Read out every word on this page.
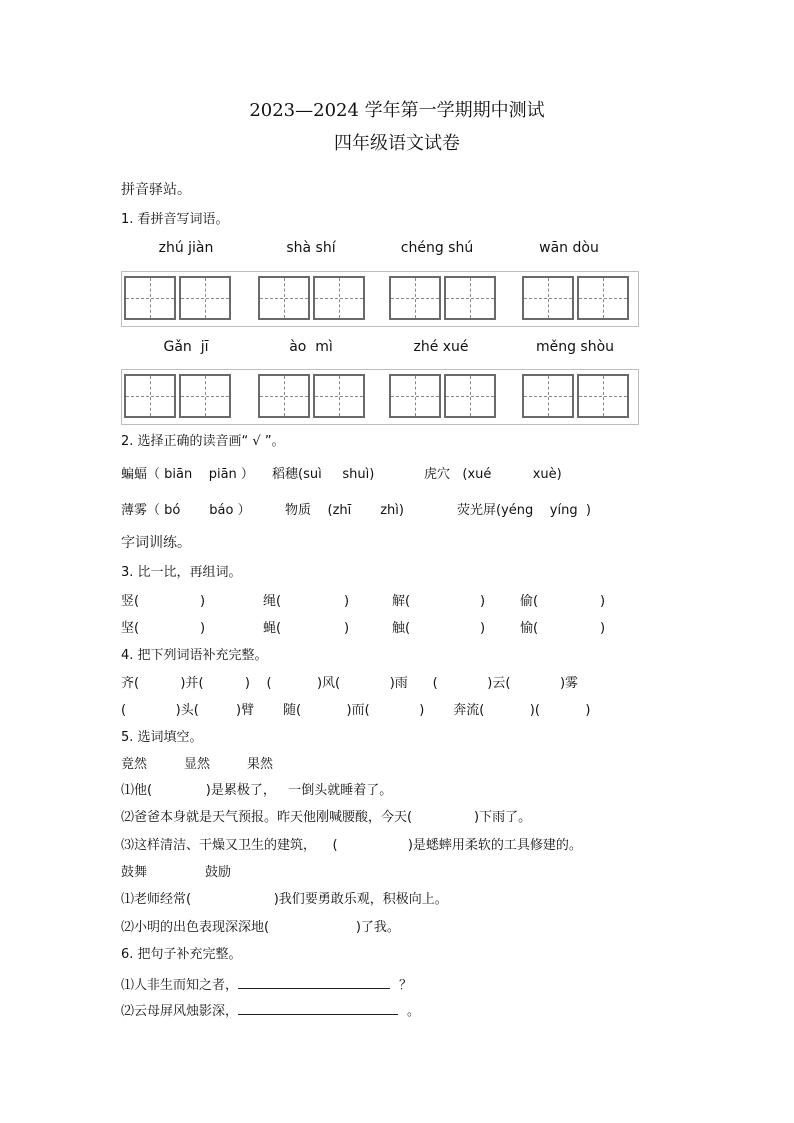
2023—2024 学年第一学期期中测试
四年级语文试卷
拼音驿站。
1. 看拼音写词语。
zhú jiàn	shà shí	chéng shú	wān dòu
Gǎn  jī	ào  mì	zhé xué	měng shòu
2. 选择正确的读音画“ √ ”。
蝙蝠（ biān    piān ） 稻穗(suì     shuì)	虎穴   (xué          xuè)
薄雾（ bó       báo ）	物质    (zhī       zhì)	荧光屏(yéng    yíng  )
字词训练。
3. 比一比，再组词。
竖(	)	绳(	)	解(	)	偷(	)
坚(	)	蝇(	)	触(	)	愉(	)
4. 把下列词语补充完整。
齐(          )并(          )    (           )风(            )雨      (            )云(            )雾
(            )头(         )臂       随(           )而(            )       奔流(           )(           )
5. 选词填空。
竟然	显然	果然
⑴他(             )是累极了，   一倒头就睡着了。
⑵爸爸本身就是天气预报。昨天他刚喊腰酸，今天(               )下雨了。
⑶这样清洁、干燥又卫生的建筑，    (                 )是蟋蟀用柔软的工具修建的。
鼓舞	鼓励
⑴老师经常(                    )我们要勇敢乐观，积极向上。
⑵小明的出色表现深深地(                     )了我。
6. 把句子补充完整。
⑴人非生而知之者，	？
⑵云母屏风烛影深，	。
